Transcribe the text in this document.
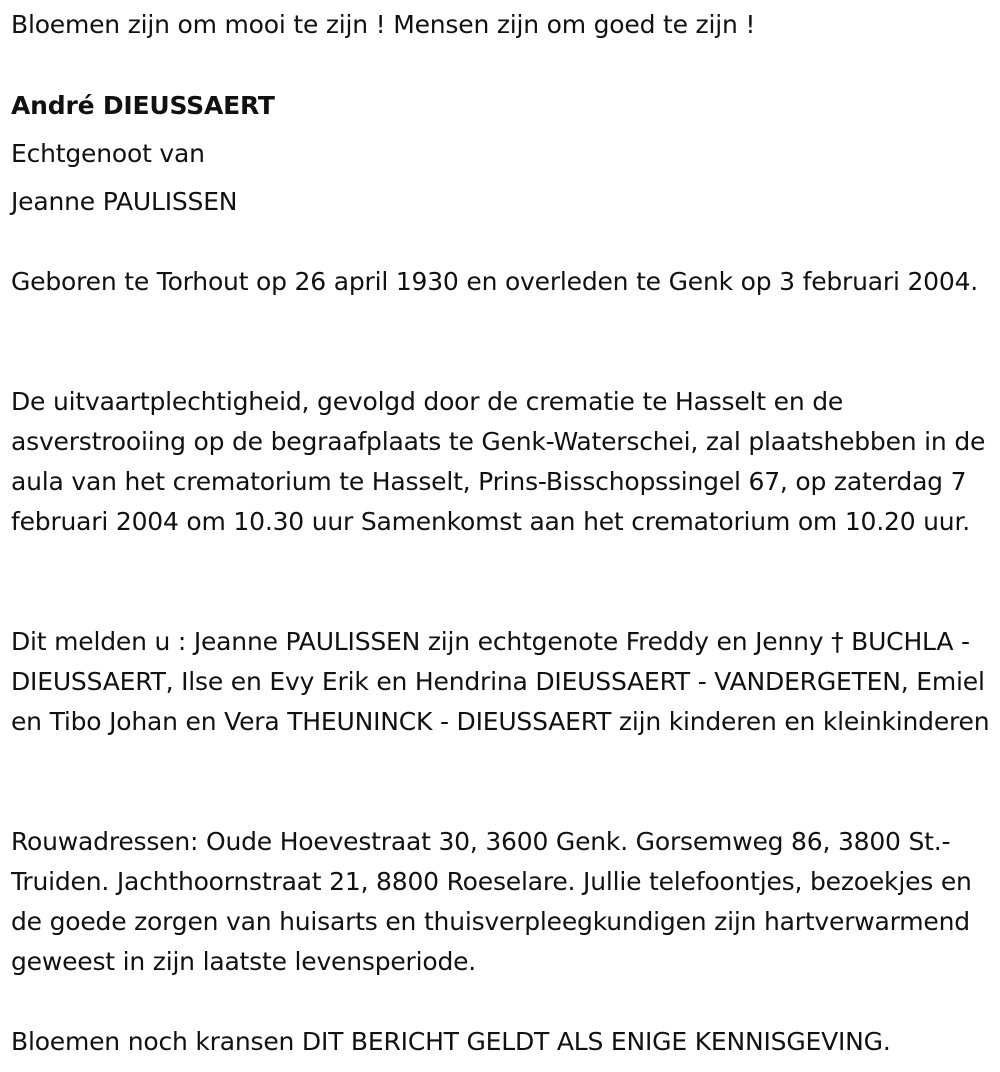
Bloemen zijn om mooi te zijn ! Mensen zijn om goed te zijn !
André DIEUSSAERT
Echtgenoot van
Jeanne PAULISSEN
Geboren te Torhout op 26 april 1930 en overleden te Genk op 3 februari 2004.
De uitvaartplechtigheid, gevolgd door de crematie te Hasselt en de asverstrooiing op de begraafplaats te Genk-Waterschei, zal plaatshebben in de aula van het crematorium te Hasselt, Prins-Bisschopssingel 67, op zaterdag 7 februari 2004 om 10.30 uur Samenkomst aan het crematorium om 10.20 uur.
Dit melden u : Jeanne PAULISSEN zijn echtgenote Freddy en Jenny † BUCHLA - DIEUSSAERT, Ilse en Evy Erik en Hendrina DIEUSSAERT - VANDERGETEN, Emiel en Tibo Johan en Vera THEUNINCK - DIEUSSAERT zijn kinderen en kleinkinderen
Rouwadressen: Oude Hoevestraat 30, 3600 Genk. Gorsemweg 86, 3800 St.-Truiden. Jachthoornstraat 21, 8800 Roeselare. Jullie telefoontjes, bezoekjes en de goede zorgen van huisarts en thuisverpleegkundigen zijn hartverwarmend geweest in zijn laatste levensperiode.
Bloemen noch kransen DIT BERICHT GELDT ALS ENIGE KENNISGEVING.
